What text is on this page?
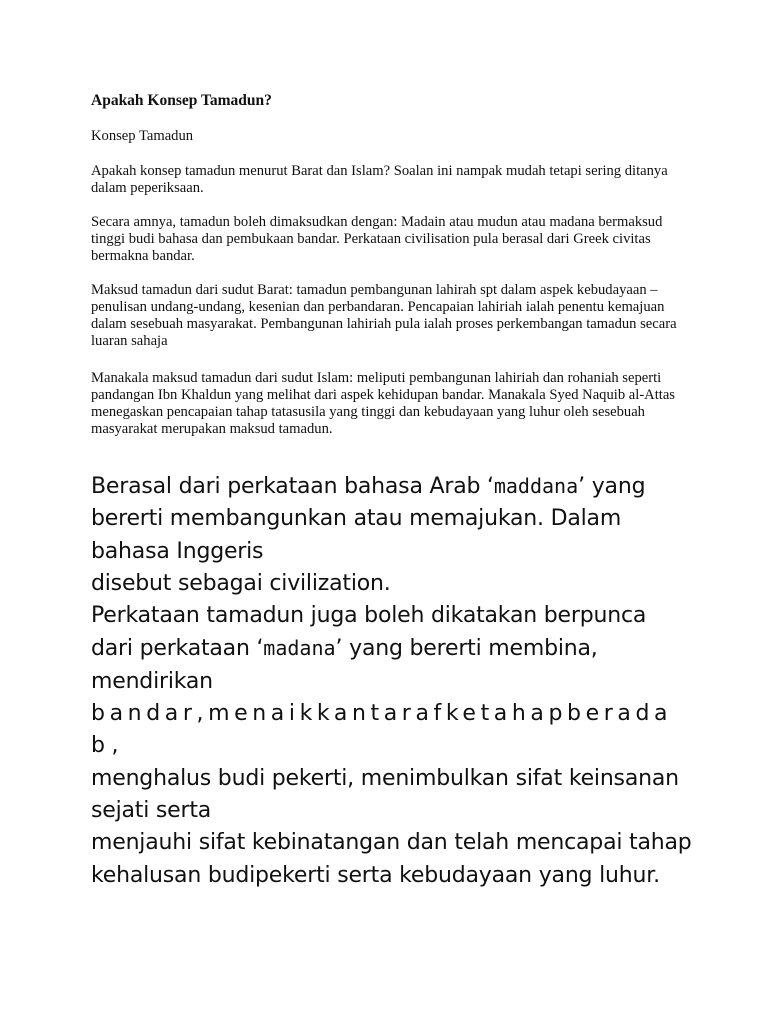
Apakah Konsep Tamadun?

Konsep Tamadun

Apakah konsep tamadun menurut Barat dan Islam? Soalan ini nampak mudah tetapi sering ditanya dalam peperiksaan.

Secara amnya, tamadun boleh dimaksudkan dengan: Madain atau mudun atau madana bermaksud tinggi budi bahasa dan pembukaan bandar. Perkataan civilisation pula berasal dari Greek civitas bermakna bandar.

Maksud tamadun dari sudut Barat: tamadun pembangunan lahirah spt dalam aspek kebudayaan – penulisan undang-undang, kesenian dan perbandaran. Pencapaian lahiriah ialah penentu kemajuan dalam sesebuah masyarakat. Pembangunan lahiriah pula ialah proses perkembangan tamadun secara luaran sahaja

Manakala maksud tamadun dari sudut Islam: meliputi pembangunan lahiriah dan rohaniah seperti pandangan Ibn Khaldun yang melihat dari aspek kehidupan bandar. Manakala Syed Naquib al-Attas menegaskan pencapaian tahap tatasusila yang tinggi dan kebudayaan yang luhur oleh sesebuah masyarakat merupakan maksud tamadun.

Berasal dari perkataan bahasa Arab ‘maddana’ yang
bererti membangunkan atau memajukan. Dalam
bahasa Inggeris
disebut sebagai civilization.
Perkataan tamadun juga boleh dikatakan berpunca
dari perkataan ‘madana’ yang bererti membina,
mendirikan
bandar,menaikkantarafketahapberada
b ,
menghalus budi pekerti, menimbulkan sifat keinsanan
sejati serta
menjauhi sifat kebinatangan dan telah mencapai tahap
kehalusan budipekerti serta kebudayaan yang luhur.
